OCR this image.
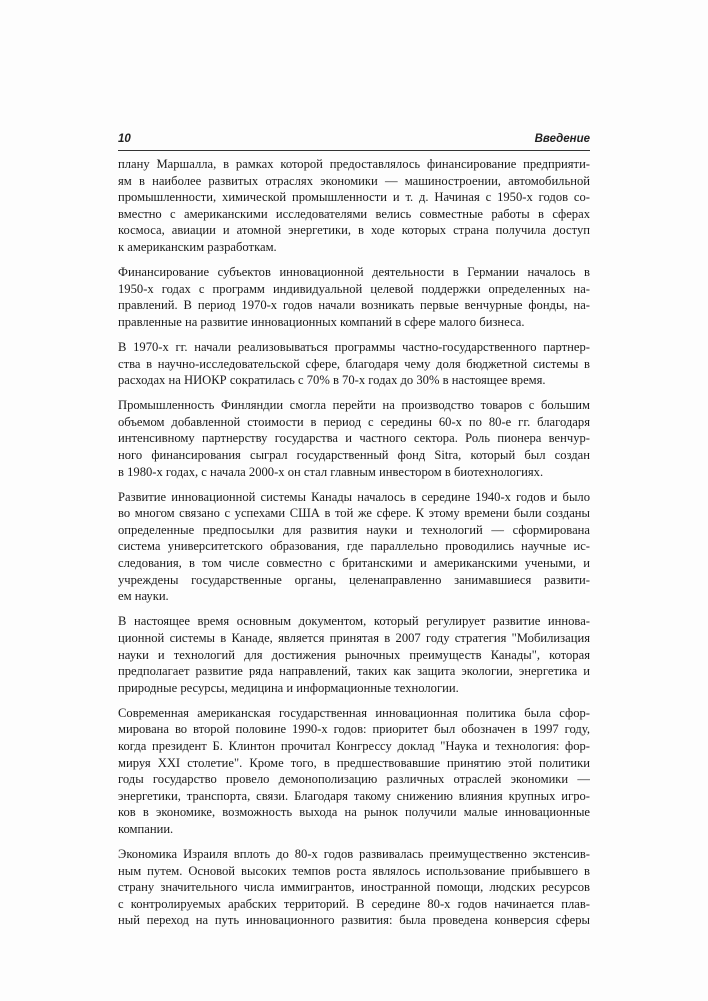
10	Введение
плану Маршалла, в рамках которой предоставлялось финансирование предприяти-
ям в наиболее развитых отраслях экономики — машиностроении, автомобильной
промышленности, химической промышленности и т. д. Начиная с 1950-х годов со-
вместно с американскими исследователями велись совместные работы в сферах
космоса, авиации и атомной энергетики, в ходе которых страна получила доступ
к американским разработкам.
Финансирование субъектов инновационной деятельности в Германии началось в
1950-х годах с программ индивидуальной целевой поддержки определенных на-
правлений. В период 1970-х годов начали возникать первые венчурные фонды, на-
правленные на развитие инновационных компаний в сфере малого бизнеса.
В 1970-х гг. начали реализовываться программы частно-государственного партнер-
ства в научно-исследовательской сфере, благодаря чему доля бюджетной системы в
расходах на НИОКР сократилась с 70% в 70-х годах до 30% в настоящее время.
Промышленность Финляндии смогла перейти на производство товаров с большим
объемом добавленной стоимости в период с середины 60-х по 80-е гг. благодаря
интенсивному партнерству государства и частного сектора. Роль пионера венчур-
ного финансирования сыграл государственный фонд Sitra, который был создан
в 1980-х годах, с начала 2000-х он стал главным инвестором в биотехнологиях.
Развитие инновационной системы Канады началось в середине 1940-х годов и было
во многом связано с успехами США в той же сфере. К этому времени были созданы
определенные предпосылки для развития науки и технологий — сформирована
система университетского образования, где параллельно проводились научные ис-
следования, в том числе совместно с британскими и американскими учеными, и
учреждены государственные органы, целенаправленно занимавшиеся развити-
ем науки.
В настоящее время основным документом, который регулирует развитие иннова-
ционной системы в Канаде, является принятая в 2007 году стратегия "Мобилизация
науки и технологий для достижения рыночных преимуществ Канады", которая
предполагает развитие ряда направлений, таких как защита экологии, энергетика и
природные ресурсы, медицина и информационные технологии.
Современная американская государственная инновационная политика была сфор-
мирована во второй половине 1990-х годов: приоритет был обозначен в 1997 году,
когда президент Б. Клинтон прочитал Конгрессу доклад "Наука и технология: фор-
мируя XXI столетие". Кроме того, в предшествовавшие принятию этой политики
годы государство провело демонополизацию различных отраслей экономики —
энергетики, транспорта, связи. Благодаря такому снижению влияния крупных игро-
ков в экономике, возможность выхода на рынок получили малые инновационные
компании.
Экономика Израиля вплоть до 80-х годов развивалась преимущественно экстенсив-
ным путем. Основой высоких темпов роста являлось использование прибывшего в
страну значительного числа иммигрантов, иностранной помощи, людских ресурсов
с контролируемых арабских территорий. В середине 80-х годов начинается плав-
ный переход на путь инновационного развития: была проведена конверсия сферы
